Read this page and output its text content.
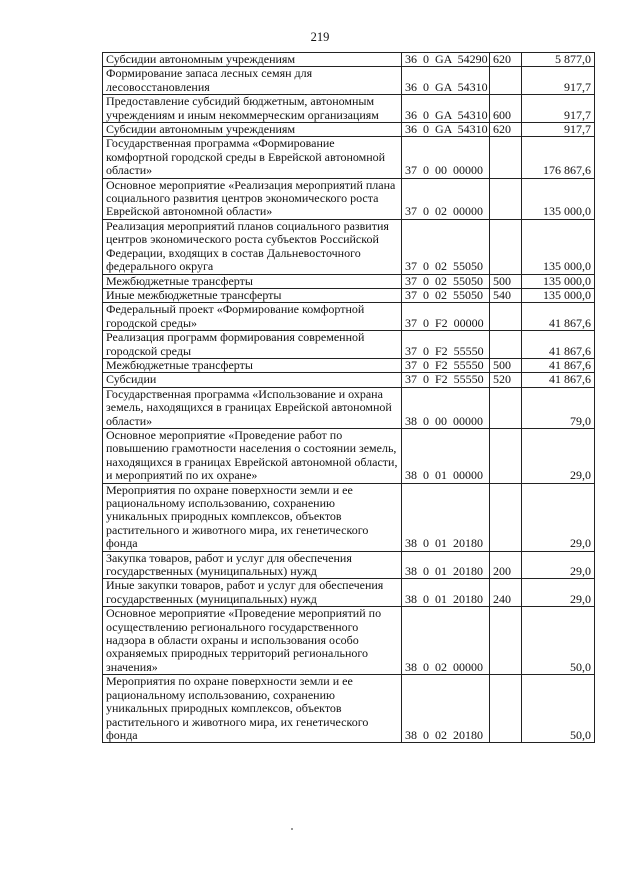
219
Субсидии автономным учреждениям	36  0  GA  54290	620	5 877,0
Формирование запаса лесных семян для лесовосстановления	36  0  GA  54310		917,7
Предоставление субсидий бюджетным, автономным учреждениям и иным некоммерческим организациям	36  0  GA  54310	600	917,7
Субсидии автономным учреждениям	36  0  GA  54310	620	917,7
Государственная программа «Формирование комфортной городской среды в Еврейской автономной области»	37  0  00  00000		176 867,6
Основное мероприятие «Реализация мероприятий плана социального развития центров экономического роста Еврейской автономной области»	37  0  02  00000		135 000,0
Реализация мероприятий планов социального развития центров экономического роста субъектов Российской Федерации, входящих в состав Дальневосточного федерального округа	37  0  02  55050		135 000,0
Межбюджетные трансферты	37  0  02  55050	500	135 000,0
Иные межбюджетные трансферты	37  0  02  55050	540	135 000,0
Федеральный проект «Формирование комфортной городской среды»	37  0  F2  00000		41 867,6
Реализация программ формирования современной городской среды	37  0  F2  55550		41 867,6
Межбюджетные трансферты	37  0  F2  55550	500	41 867,6
Субсидии	37  0  F2  55550	520	41 867,6
Государственная программа «Использование и охрана земель, находящихся в границах Еврейской автономной области»	38  0  00  00000		79,0
Основное мероприятие «Проведение работ по повышению грамотности населения о состоянии земель, находящихся в границах Еврейской автономной области, и мероприятий по их охране»	38  0  01  00000		29,0
Мероприятия по охране поверхности земли и ее рациональному использованию, сохранению уникальных природных комплексов, объектов растительного и животного мира, их генетического фонда	38  0  01  20180		29,0
Закупка товаров, работ и услуг для обеспечения государственных (муниципальных) нужд	38  0  01  20180	200	29,0
Иные закупки товаров, работ и услуг для обеспечения государственных (муниципальных) нужд	38  0  01  20180	240	29,0
Основное мероприятие «Проведение мероприятий по осуществлению регионального государственного надзора в области охраны и использования особо охраняемых природных территорий регионального значения»	38  0  02  00000		50,0
Мероприятия по охране поверхности земли и ее рациональному использованию, сохранению уникальных природных комплексов, объектов растительного и животного мира, их генетического фонда	38  0  02  20180		50,0
